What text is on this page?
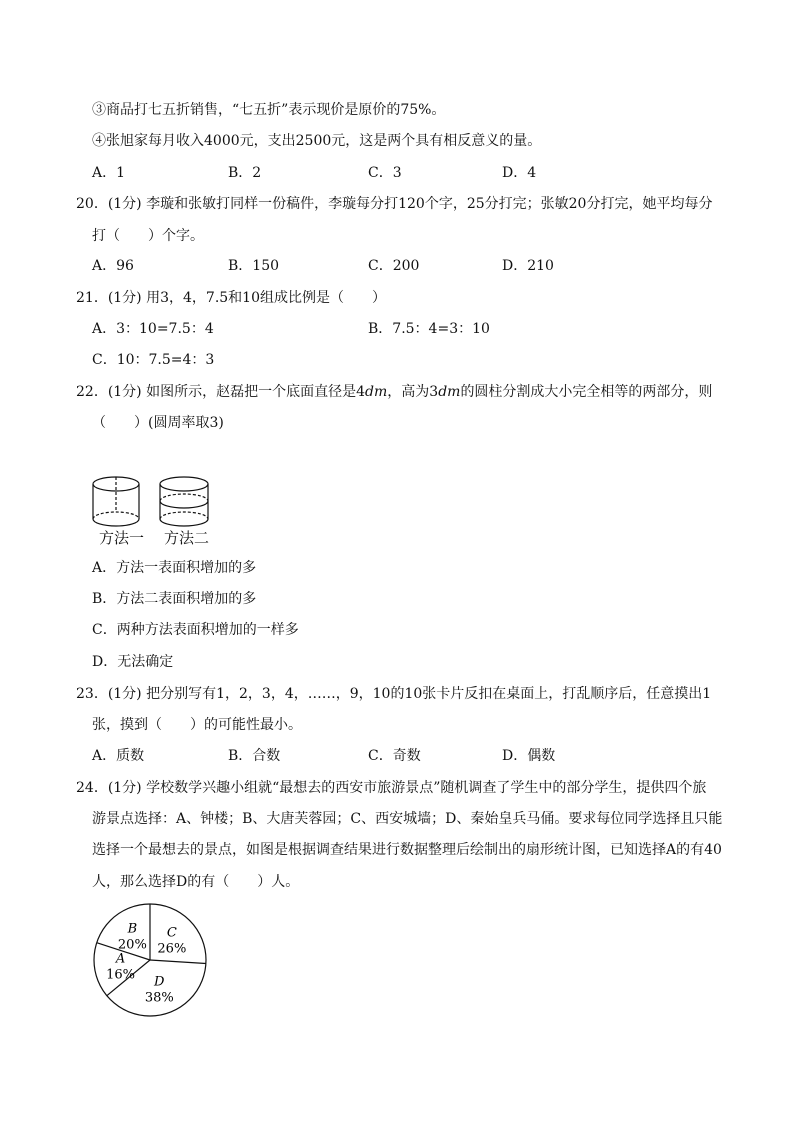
③商品打七五折销售，“七五折”表示现价是原价的75%。
④张旭家每月收入4000元，支出2500元，这是两个具有相反意义的量。
A．1	B．2	C．3	D．4
20．(1分) 李璇和张敏打同样一份稿件，李璇每分打120个字，25分打完；张敏20分打完，她平均每分
打（　　）个字。
A．96	B．150	C．200	D．210
21．(1分) 用3，4，7.5和10组成比例是（　　）
A．3：10=7.5：4	B．7.5：4=3：10
C．10：7.5=4：3
22．(1分) 如图所示，赵磊把一个底面直径是4dm，高为3dm的圆柱分割成大小完全相等的两部分，则
（　　）(圆周率取3)
方法一 方法二
A．方法一表面积增加的多
B．方法二表面积增加的多
C．两种方法表面积增加的一样多
D．无法确定
23．(1分) 把分别写有1，2，3，4，……，9，10的10张卡片反扣在桌面上，打乱顺序后，任意摸出1
张，摸到（　　）的可能性最小。
A．质数	B．合数	C．奇数	D．偶数
24．(1分) 学校数学兴趣小组就“最想去的西安市旅游景点”随机调查了学生中的部分学生，提供四个旅
游景点选择：A、钟楼；B、大唐芙蓉园；C、西安城墙；D、秦始皇兵马俑。要求每位同学选择且只能
选择一个最想去的景点，如图是根据调查结果进行数据整理后绘制出的扇形统计图，已知选择A的有40
人，那么选择D的有（　　）人。
C
26%
D
38%
A
16%
B
20%
